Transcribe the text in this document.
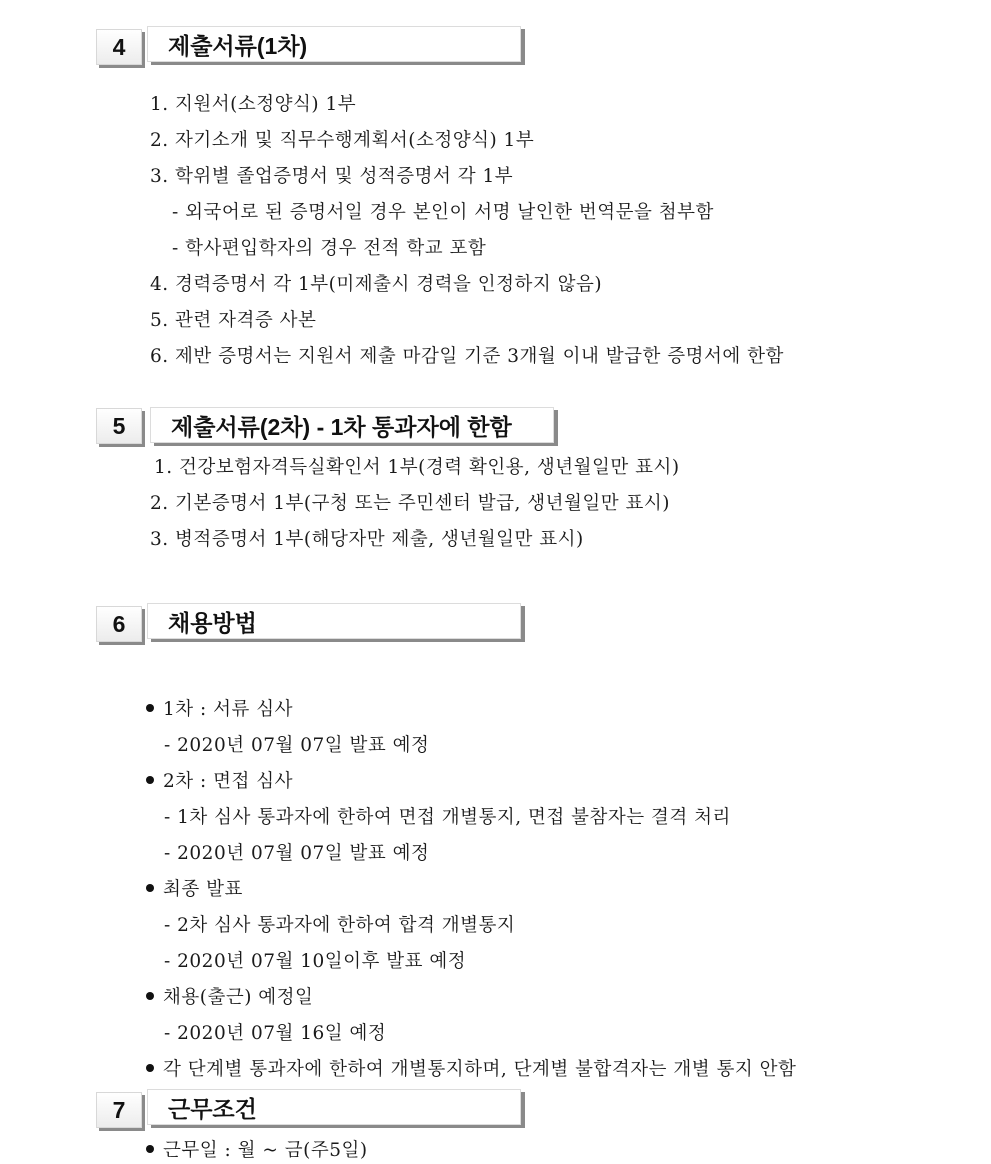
4	제출서류(1차)
1. 지원서(소정양식) 1부
2. 자기소개 및 직무수행계획서(소정양식) 1부
3. 학위별 졸업증명서 및 성적증명서 각 1부
- 외국어로 된 증명서일 경우 본인이 서명 날인한 번역문을 첨부함
- 학사편입학자의 경우 전적 학교 포함
4. 경력증명서 각 1부(미제출시 경력을 인정하지 않음)
5. 관련 자격증 사본
6. 제반 증명서는 지원서 제출 마감일 기준 3개월 이내 발급한 증명서에 한함
5	제출서류(2차) - 1차 통과자에 한함
1. 건강보험자격득실확인서 1부(경력 확인용, 생년월일만 표시)
2. 기본증명서 1부(구청 또는 주민센터 발급, 생년월일만 표시)
3. 병적증명서 1부(해당자만 제출, 생년월일만 표시)
6	채용방법
1차 : 서류 심사
- 2020년 07월 07일 발표 예정
2차 : 면접 심사
- 1차 심사 통과자에 한하여 면접 개별통지, 면접 불참자는 결격 처리
- 2020년 07월 07일 발표 예정
최종 발표
- 2차 심사 통과자에 한하여 합격 개별통지
- 2020년 07월 10일이후 발표 예정
채용(출근) 예정일
- 2020년 07월 16일 예정
각 단계별 통과자에 한하여 개별통지하며, 단계별 불합격자는 개별 통지 안함
7	근무조건
근무일 : 월 ~ 금(주5일)
